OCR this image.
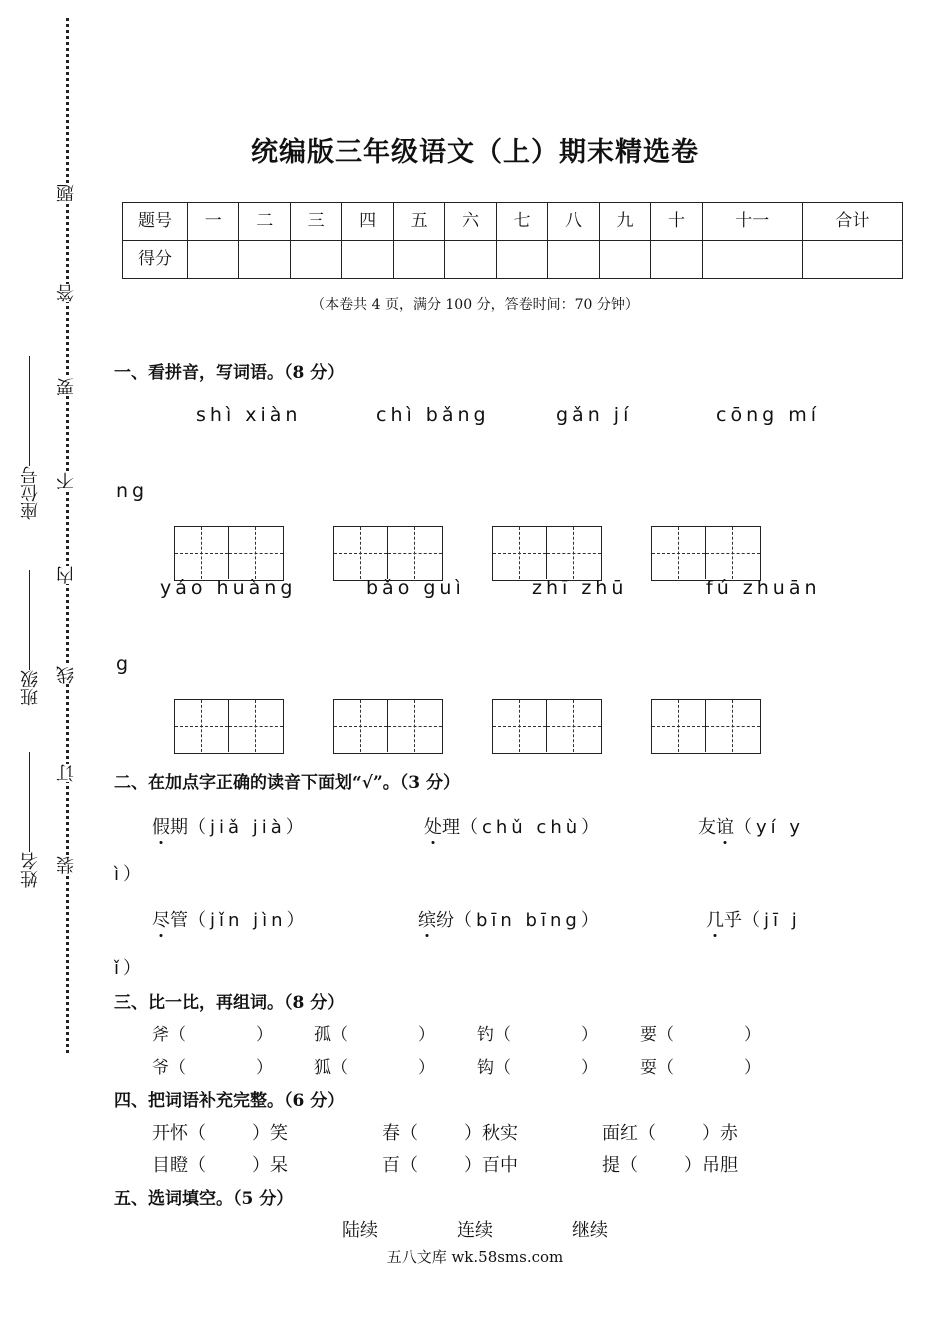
题
答
要
不
内
线
订
装
座位号
班级
姓名
统编版三年级语文（上）期末精选卷
题号	一	二	三	四	五	六	七	八	九	十	十一	合计
得分												
（本卷共 4 页，满分 100 分，答卷时间：70 分钟）
一、看拼音，写词语。（8 分）
shì xiàn	chì bǎng	gǎn jí	cōng mí
ng
yáo huàng	bǎo guì	zhī zhū	fú zhuān
g
二、在加点字正确的读音下面划“√”。（3 分）
假期（jiǎ jià）	处理（chǔ chù）	友谊（yí y
ì）
尽管（jǐn jìn）	缤纷（bīn bīng）	几乎（jī j
ǐ）
三、比一比，再组词。（8 分）
斧（	） 孤（	） 钓（	） 要（	）
爷（	） 狐（	） 钩（	） 耍（	）
四、把词语补充完整。（6 分）
开怀（	）笑	春（	）秋实	面红（	）赤
目瞪（	）呆	百（	）百中	提（	）吊胆
五、选词填空。（5 分）
陆续	连续	继续
五八文库 wk.58sms.com
